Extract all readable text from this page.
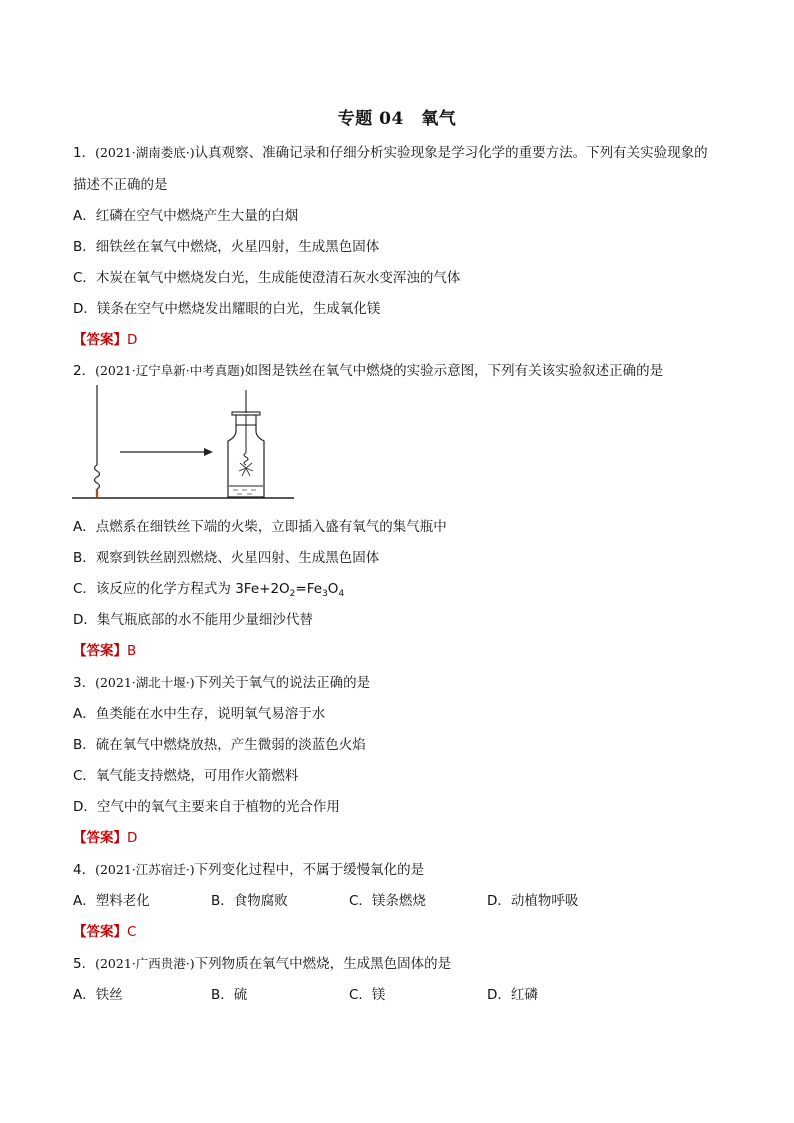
专题 04　氧气
1．(2021·湖南娄底·)认真观察、准确记录和仔细分析实验现象是学习化学的重要方法。下列有关实验现象的
描述不正确的是
A．红磷在空气中燃烧产生大量的白烟
B．细铁丝在氧气中燃烧，火星四射，生成黑色固体
C．木炭在氧气中燃烧发白光，生成能使澄清石灰水变浑浊的气体
D．镁条在空气中燃烧发出耀眼的白光，生成氧化镁
【答案】D
2．(2021·辽宁阜新·中考真题)如图是铁丝在氧气中燃烧的实验示意图，下列有关该实验叙述正确的是
A．点燃系在细铁丝下端的火柴，立即插入盛有氧气的集气瓶中
B．观察到铁丝剧烈燃烧、火星四射、生成黑色固体
C．该反应的化学方程式为 $3Fe+2O_2=Fe_3O_4$
D．集气瓶底部的水不能用少量细沙代替
【答案】B
3．(2021·湖北十堰·)下列关于氧气的说法正确的是
A．鱼类能在水中生存，说明氧气易溶于水
B．硫在氧气中燃烧放热，产生微弱的淡蓝色火焰
C．氧气能支持燃烧，可用作火箭燃料
D．空气中的氧气主要来自于植物的光合作用
【答案】D
4．(2021·江苏宿迁·)下列变化过程中，不属于缓慢氧化的是
A．塑料老化	B．食物腐败	C．镁条燃烧	D．动植物呼吸
【答案】C
5．(2021·广西贵港·)下列物质在氧气中燃烧，生成黑色固体的是
A．铁丝	B．硫	C．镁	D．红磷
